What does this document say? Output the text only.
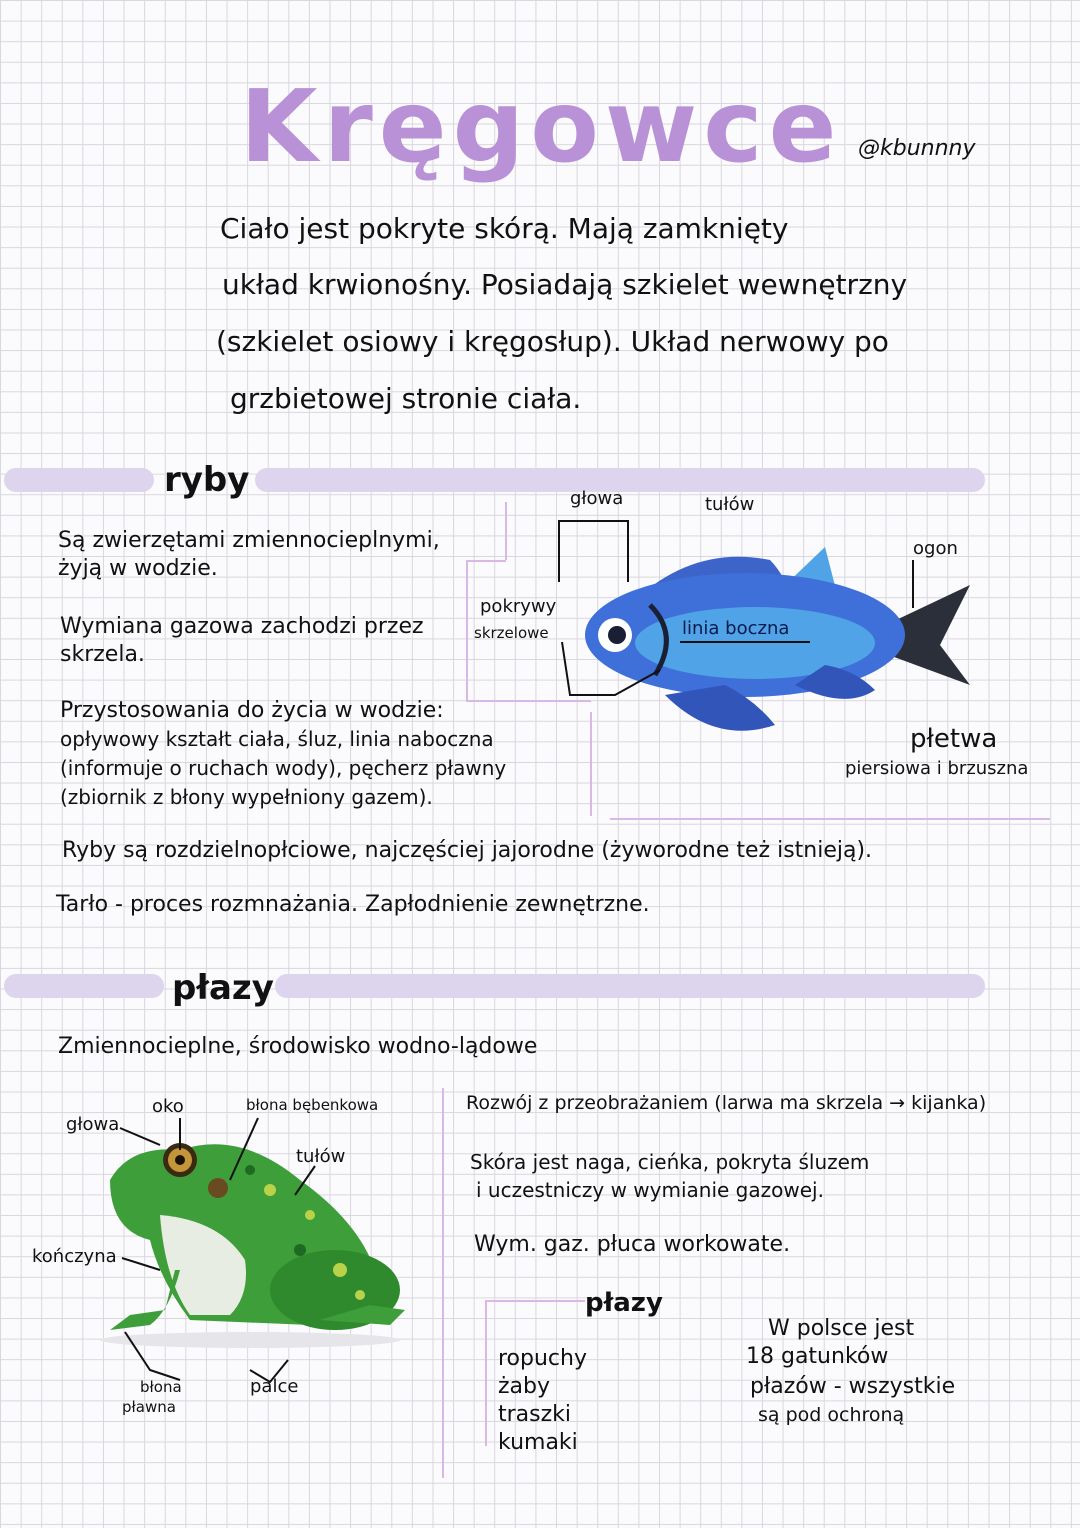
Kręgowce @kbunnny
Ciało jest pokryte skórą. Mają zamknięty
układ krwionośny. Posiadają szkielet wewnętrzny
(szkielet osiowy i kręgosłup). Układ nerwowy po
grzbietowej stronie ciała.
ryby
Są zwierzętami zmiennocieplnymi,
żyją w wodzie.
Wymiana gazowa zachodzi przez
skrzela.
Przystosowania do życia w wodzie:
opływowy kształt ciała, śluz, linia naboczna
(informuje o ruchach wody), pęcherz pławny
(zbiornik z błony wypełniony gazem).
głowa	tułów
ogon
pokrywy
skrzelowe	linia boczna
płetwa
piersiowa i brzuszna
Ryby są rozdzielnopłciowe, najczęściej jajorodne (żyworodne też istnieją).
Tarło - proces rozmnażania. Zapłodnienie zewnętrzne.
płazy
Zmiennocieplne, środowisko wodno-lądowe
oko
głowa
błona bębenkowa
tułów
kończyna
błona
pławna
palce
Rozwój z przeobrażaniem (larwa ma skrzela → kijanka)
Skóra jest naga, cieńka, pokryta śluzem
i uczestniczy w wymianie gazowej.
Wym. gaz. płuca workowate.
płazy
ropuchy
żaby
traszki
kumaki
W polsce jest
18 gatunków
płazów - wszystkie
są pod ochroną
